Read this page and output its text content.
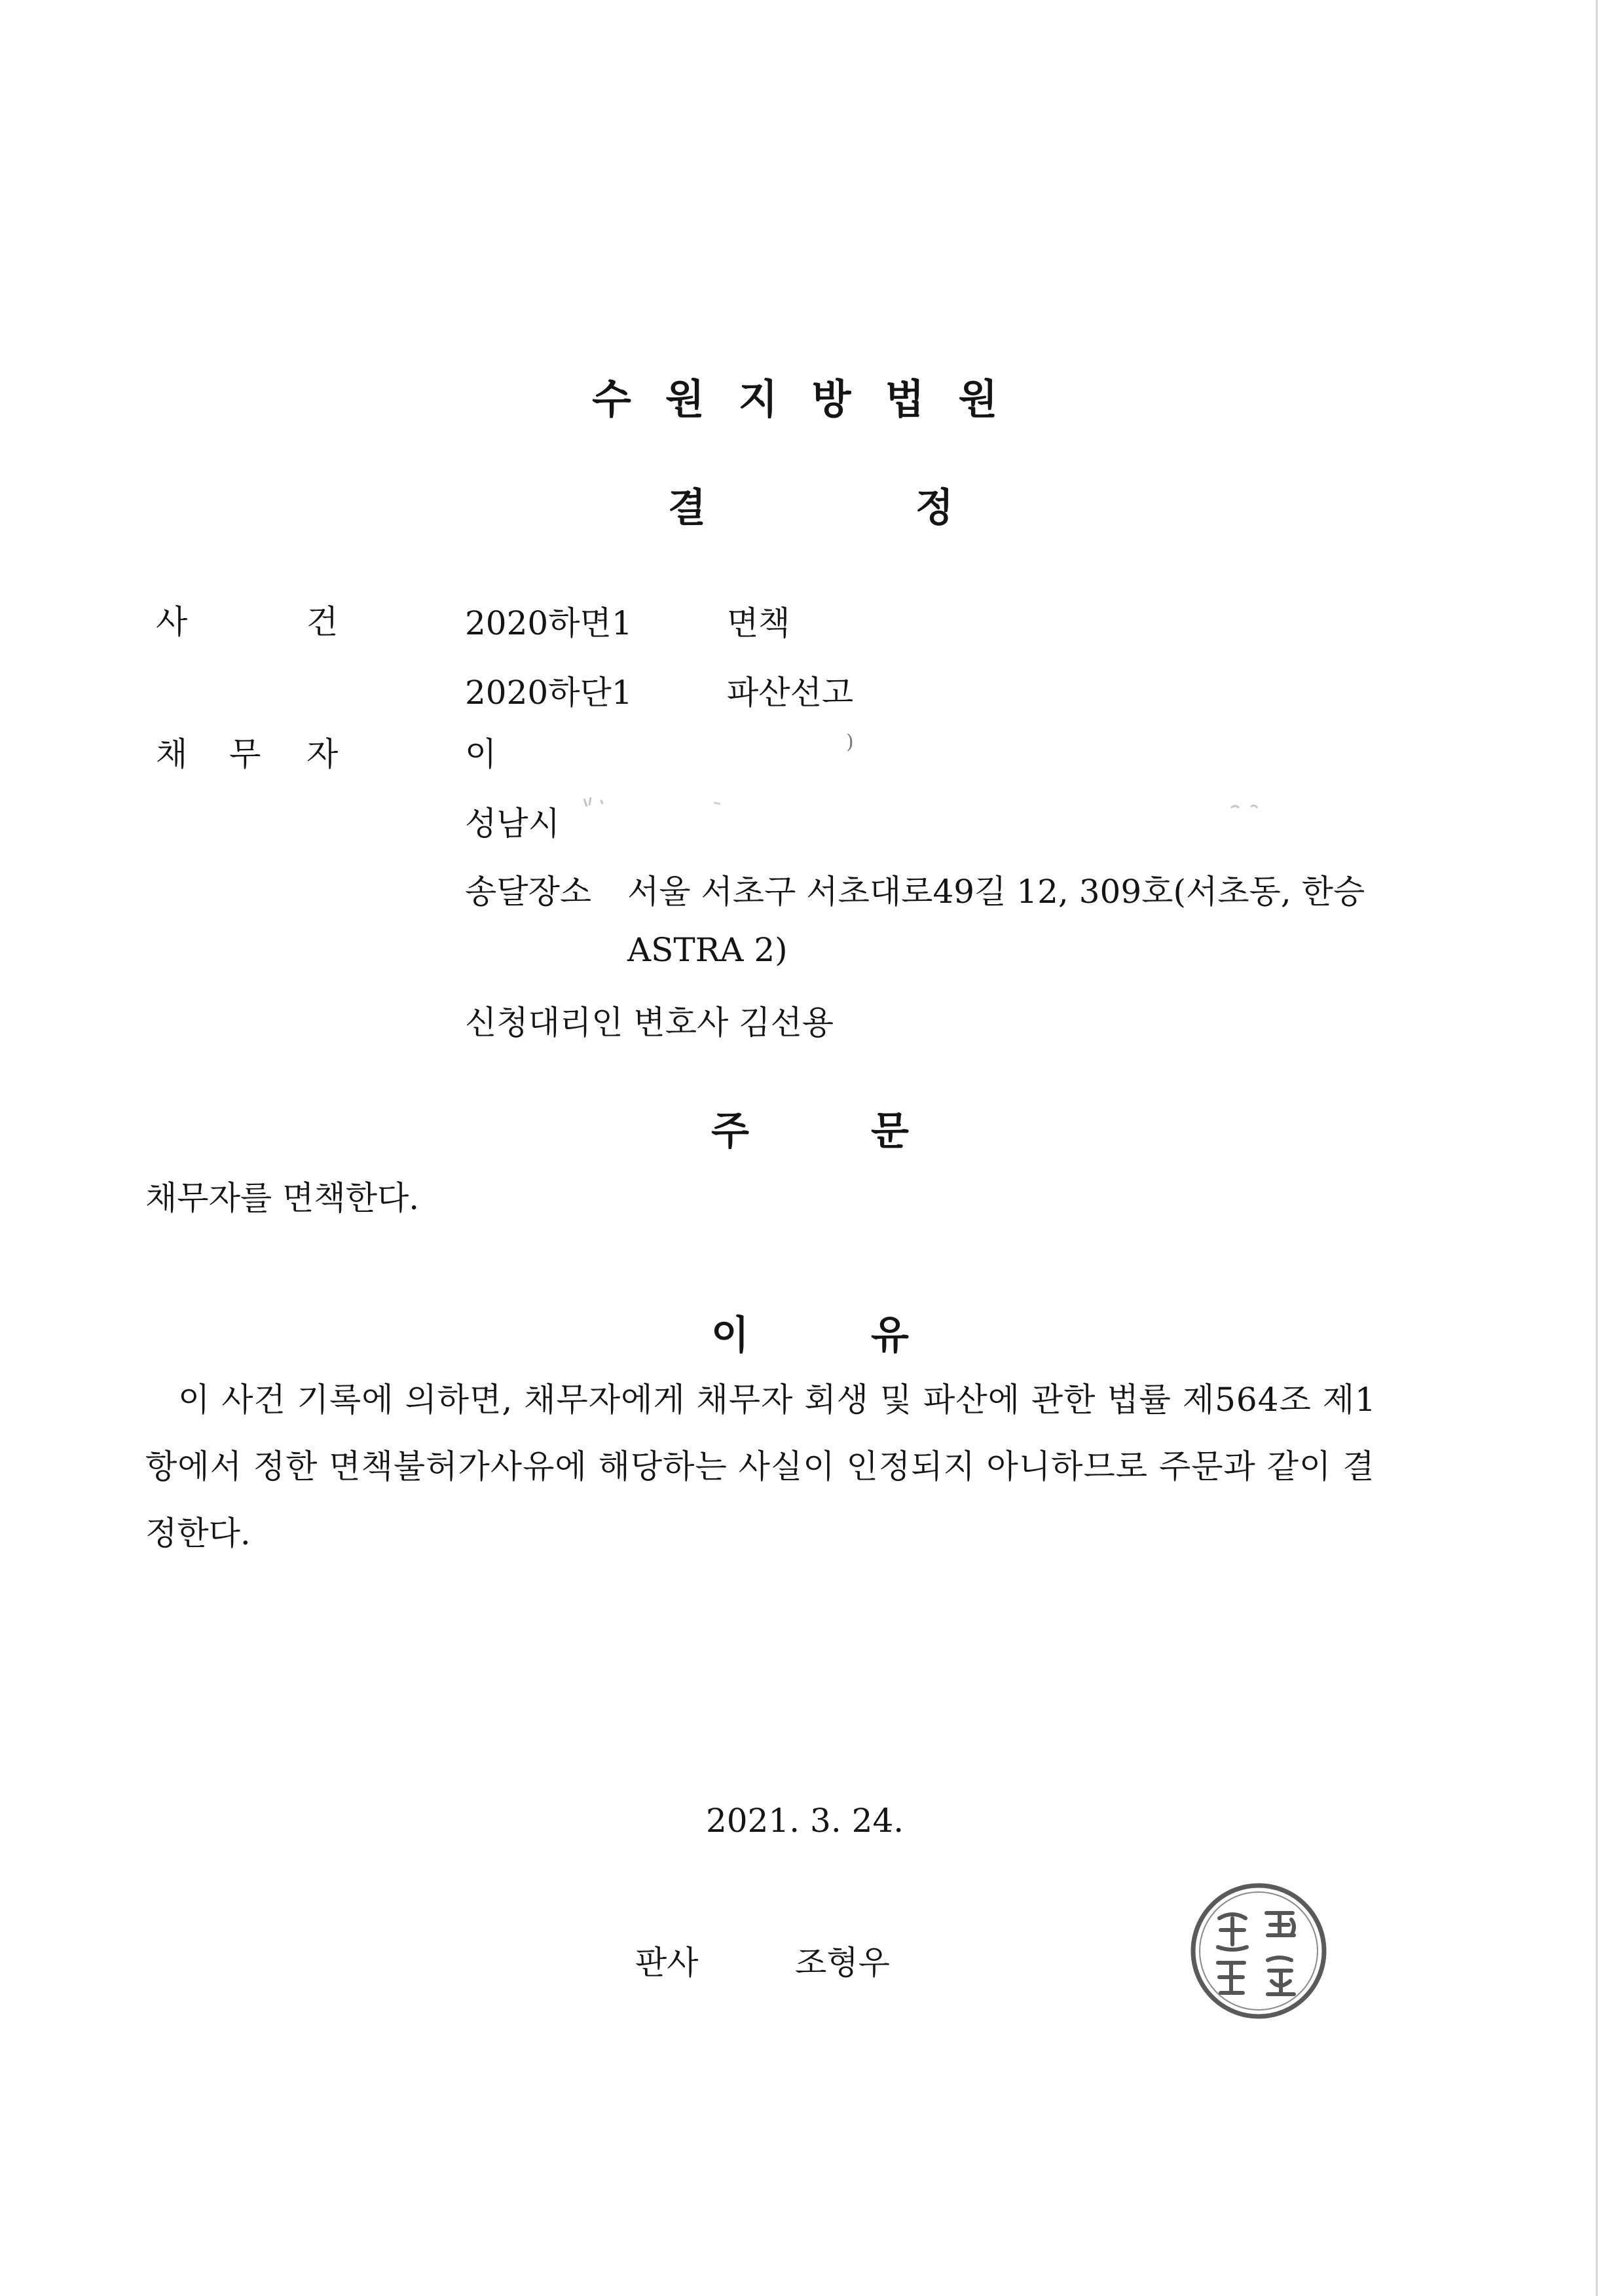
수원지방법원
결	정
사	건	2020하면1	면책
2020하단1	파산선고
채 무 자	이	)
성남시
송달장소 서울 서초구 서초대로49길 12, 309호(서초동, 한승
ASTRA 2)
신청대리인 변호사 김선용
주	문
채무자를 면책한다.
이	유
이 사건 기록에 의하면, 채무자에게 채무자 회생 및 파산에 관한 법률 제564조 제1
항에서 정한 면책불허가사유에 해당하는 사실이 인정되지 아니하므로 주문과 같이 결
정한다.
2021. 3. 24.
판사	조형우
